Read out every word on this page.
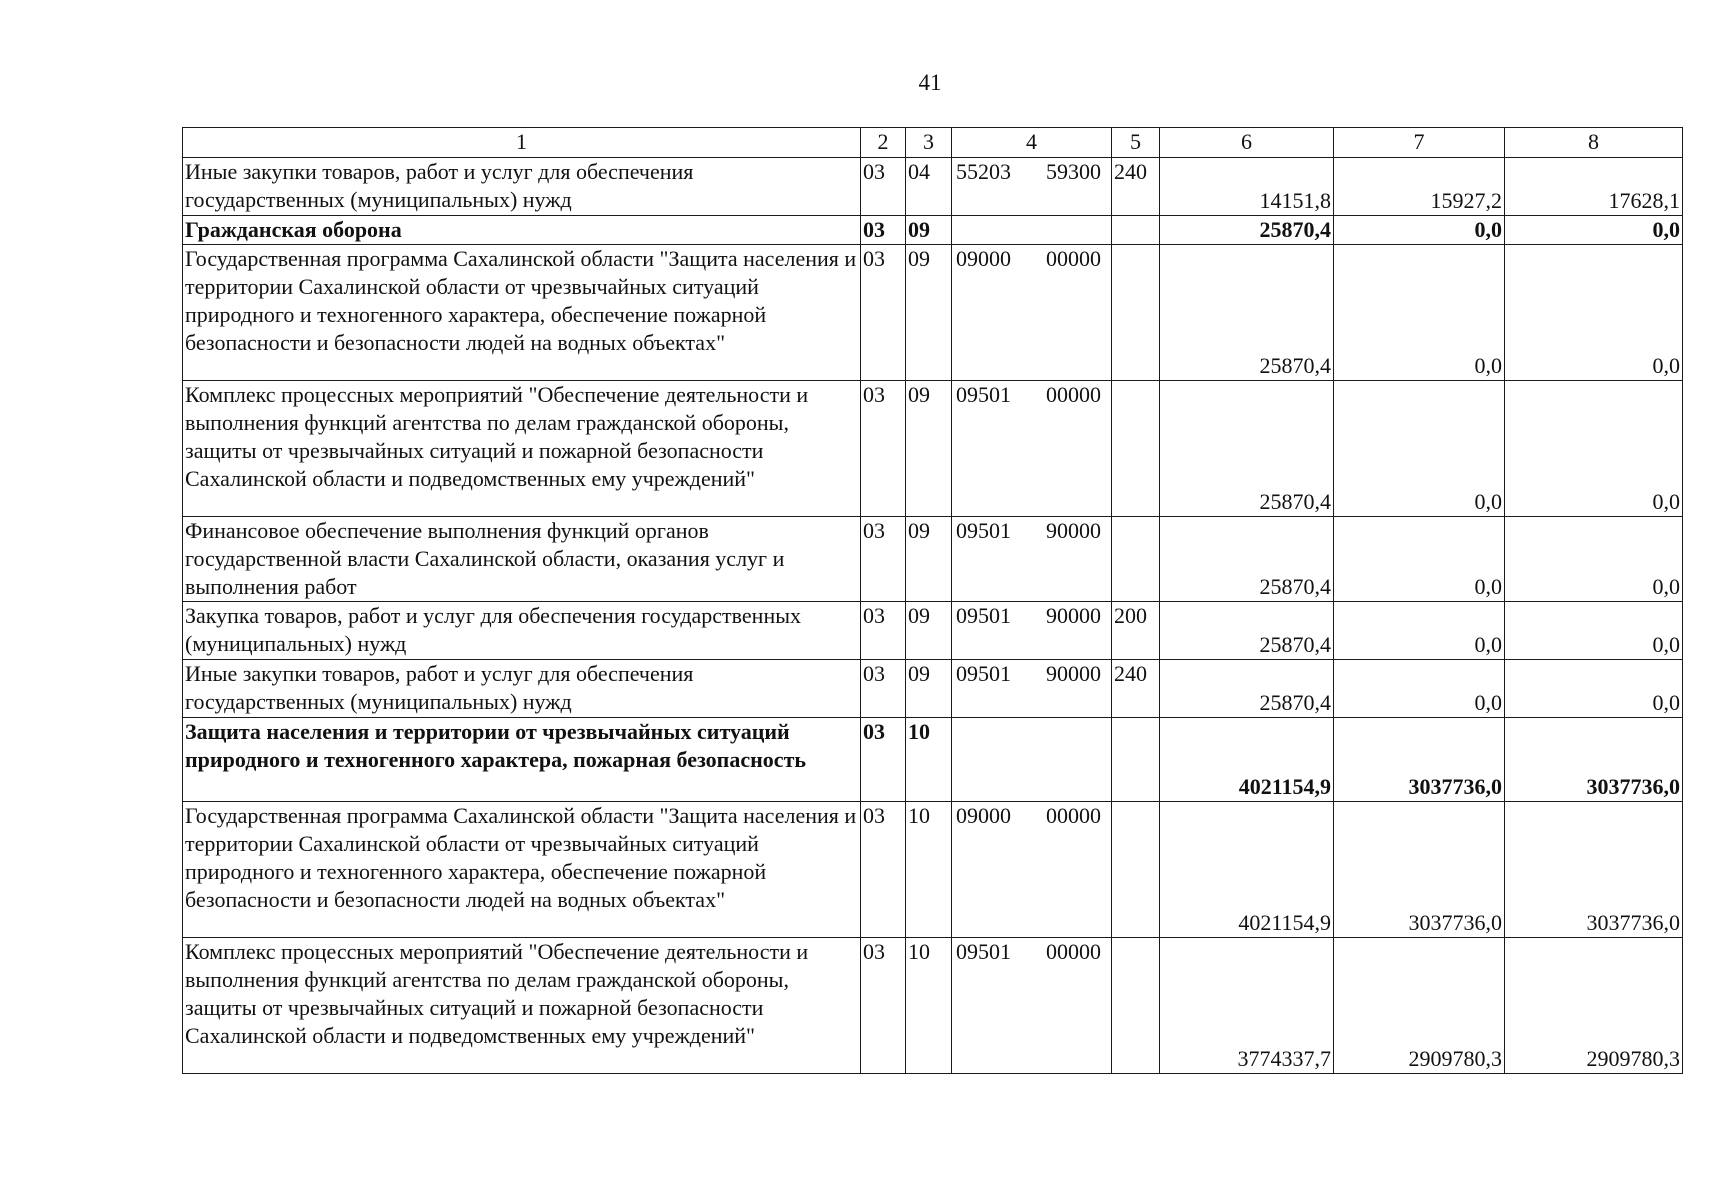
41
1	2	3	4	5	6	7	8
Иные закупки товаров, работ и услуг для обеспечения государственных (муниципальных) нужд	03	04	55203 59300	240	14151,8	15927,2	17628,1
Гражданская оборона	03	09			25870,4	0,0	0,0
Государственная программа Сахалинской области "Защита населения и территории Сахалинской области от чрезвычайных ситуаций природного и техногенного характера, обеспечение пожарной безопасности и безопасности людей на водных объектах"	03	09	09000 00000		25870,4	0,0	0,0
Комплекс процессных мероприятий "Обеспечение деятельности и выполнения функций агентства по делам гражданской обороны, защиты от чрезвычайных ситуаций и пожарной безопасности Сахалинской области и подведомственных ему учреждений"	03	09	09501 00000		25870,4	0,0	0,0
Финансовое обеспечение выполнения функций органов государственной власти Сахалинской области, оказания услуг и выполнения работ	03	09	09501 90000		25870,4	0,0	0,0
Закупка товаров, работ и услуг для обеспечения государственных (муниципальных) нужд	03	09	09501 90000	200	25870,4	0,0	0,0
Иные закупки товаров, работ и услуг для обеспечения государственных (муниципальных) нужд	03	09	09501 90000	240	25870,4	0,0	0,0
Защита населения и территории от чрезвычайных ситуаций природного и техногенного характера, пожарная безопасность	03	10			4021154,9	3037736,0	3037736,0
Государственная программа Сахалинской области "Защита населения и территории Сахалинской области от чрезвычайных ситуаций природного и техногенного характера, обеспечение пожарной безопасности и безопасности людей на водных объектах"	03	10	09000 00000		4021154,9	3037736,0	3037736,0
Комплекс процессных мероприятий "Обеспечение деятельности и выполнения функций агентства по делам гражданской обороны, защиты от чрезвычайных ситуаций и пожарной безопасности Сахалинской области и подведомственных ему учреждений"	03	10	09501 00000		3774337,7	2909780,3	2909780,3
